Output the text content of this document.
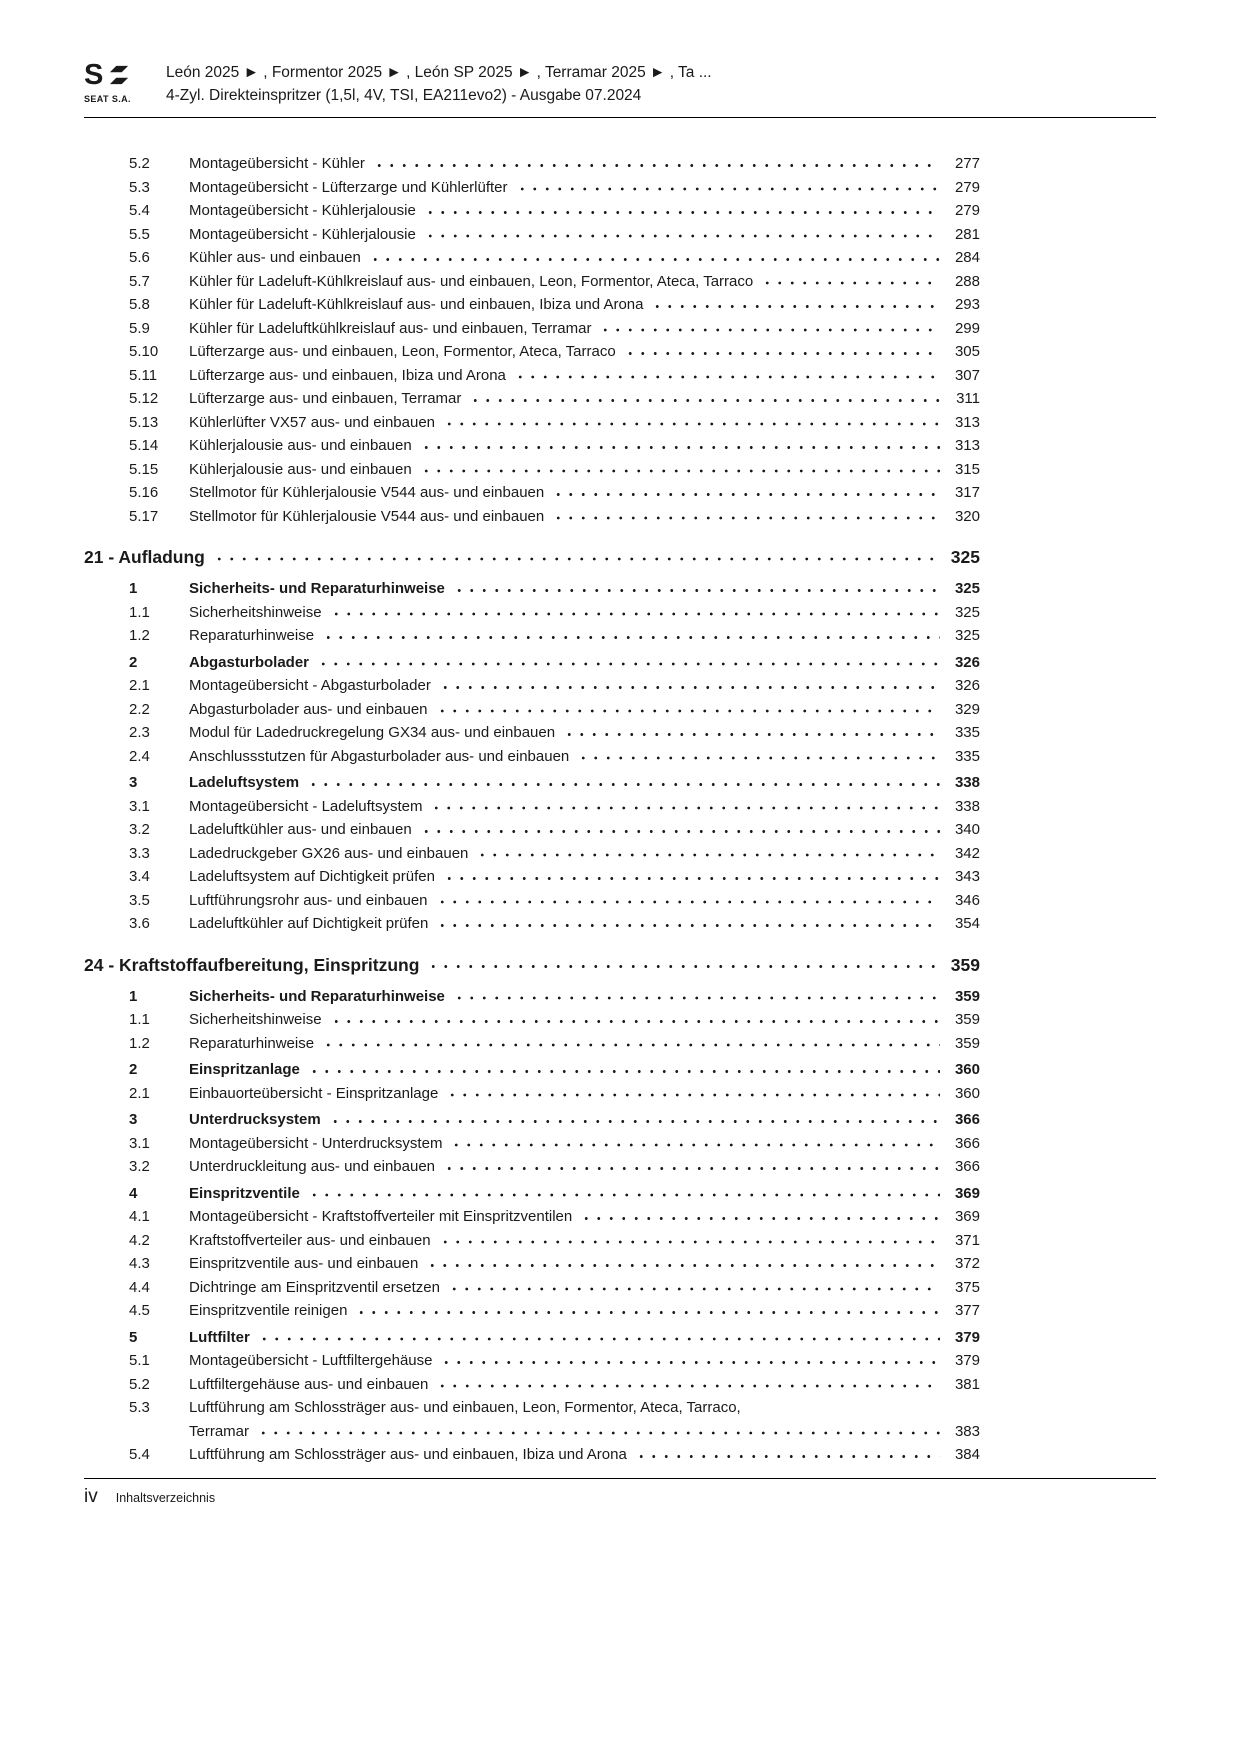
S
SEAT S.A.
León 2025 ► , Formentor 2025 ► , León SP 2025 ► , Terramar 2025 ► , Ta ...
4-Zyl. Direkteinspritzer (1,5l, 4V, TSI, EA211evo2) - Ausgabe 07.2024
5.2	Montageübersicht - Kühler	277
5.3	Montageübersicht - Lüfterzarge und Kühlerlüfter	279
5.4	Montageübersicht - Kühlerjalousie	279
5.5	Montageübersicht - Kühlerjalousie	281
5.6	Kühler aus- und einbauen	284
5.7	Kühler für Ladeluft-Kühlkreislauf aus- und einbauen, Leon, Formentor, Ateca, Tarraco	288
5.8	Kühler für Ladeluft-Kühlkreislauf aus- und einbauen, Ibiza und Arona	293
5.9	Kühler für Ladeluftkühlkreislauf aus- und einbauen, Terramar	299
5.10	Lüfterzarge aus- und einbauen, Leon, Formentor, Ateca, Tarraco	305
5.11	Lüfterzarge aus- und einbauen, Ibiza und Arona	307
5.12	Lüfterzarge aus- und einbauen, Terramar	311
5.13	Kühlerlüfter VX57 aus- und einbauen	313
5.14	Kühlerjalousie aus- und einbauen	313
5.15	Kühlerjalousie aus- und einbauen	315
5.16	Stellmotor für Kühlerjalousie V544 aus- und einbauen	317
5.17	Stellmotor für Kühlerjalousie V544 aus- und einbauen	320
21 - Aufladung	325
1	Sicherheits- und Reparaturhinweise	325
1.1	Sicherheitshinweise	325
1.2	Reparaturhinweise	325
2	Abgasturbolader	326
2.1	Montageübersicht - Abgasturbolader	326
2.2	Abgasturbolader aus- und einbauen	329
2.3	Modul für Ladedruckregelung GX34 aus- und einbauen	335
2.4	Anschlussstutzen für Abgasturbolader aus- und einbauen	335
3	Ladeluftsystem	338
3.1	Montageübersicht - Ladeluftsystem	338
3.2	Ladeluftkühler aus- und einbauen	340
3.3	Ladedruckgeber GX26 aus- und einbauen	342
3.4	Ladeluftsystem auf Dichtigkeit prüfen	343
3.5	Luftführungsrohr aus- und einbauen	346
3.6	Ladeluftkühler auf Dichtigkeit prüfen	354
24 - Kraftstoffaufbereitung, Einspritzung	359
1	Sicherheits- und Reparaturhinweise	359
1.1	Sicherheitshinweise	359
1.2	Reparaturhinweise	359
2	Einspritzanlage	360
2.1	Einbauorteübersicht - Einspritzanlage	360
3	Unterdrucksystem	366
3.1	Montageübersicht - Unterdrucksystem	366
3.2	Unterdruckleitung aus- und einbauen	366
4	Einspritzventile	369
4.1	Montageübersicht - Kraftstoffverteiler mit Einspritzventilen	369
4.2	Kraftstoffverteiler aus- und einbauen	371
4.3	Einspritzventile aus- und einbauen	372
4.4	Dichtringe am Einspritzventil ersetzen	375
4.5	Einspritzventile reinigen	377
5	Luftfilter	379
5.1	Montageübersicht - Luftfiltergehäuse	379
5.2	Luftfiltergehäuse aus- und einbauen	381
5.3	Luftführung am Schlossträger aus- und einbauen, Leon, Formentor, Ateca, Tarraco,
Terramar	383
5.4	Luftführung am Schlossträger aus- und einbauen, Ibiza und Arona	384
iv Inhaltsverzeichnis
